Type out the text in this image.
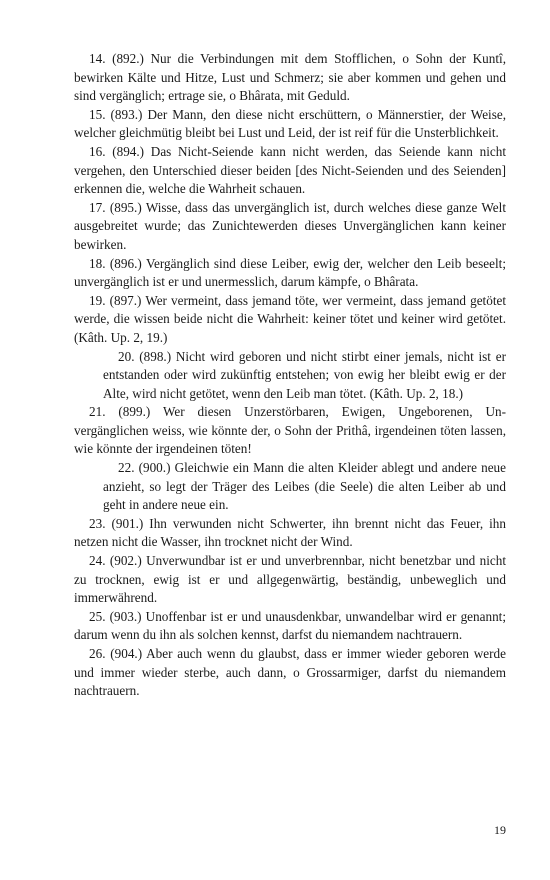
14. (892.) Nur die Verbindungen mit dem Stofflichen, o Sohn der Kuntî, bewirken Kälte und Hitze, Lust und Schmerz; sie aber kommen und gehen und sind vergänglich; ertrage sie, o Bhârata, mit Geduld.

15. (893.) Der Mann, den diese nicht erschüttern, o Männerstier, der Weise, welcher gleichmütig bleibt bei Lust und Leid, der ist reif für die Unsterblichkeit.

16. (894.) Das Nicht-Seiende kann nicht werden, das Seiende kann nicht vergehen, den Unterschied dieser beiden [des Nicht-Seienden und des Seienden] erkennen die, welche die Wahrheit schauen.

17. (895.) Wisse, dass das unvergänglich ist, durch welches diese ganze Welt ausgebreitet wurde; das Zunichtewerden dieses Unvergänglichen kann keiner bewirken.

18. (896.) Vergänglich sind diese Leiber, ewig der, welcher den Leib beseelt; unvergänglich ist er und unermesslich, darum kämpfe, o Bhârata.

19. (897.) Wer vermeint, dass jemand töte, wer vermeint, dass jemand getötet werde, die wissen beide nicht die Wahrheit: keiner tötet und keiner wird getötet. (Kâth. Up. 2, 19.)

20. (898.) Nicht wird geboren und nicht stirbt einer jemals, nicht ist er entstanden oder wird zukünftig entstehen; von ewig her bleibt ewig er der Alte, wird nicht getötet, wenn den Leib man tötet. (Kâth. Up. 2, 18.)

21. (899.) Wer diesen Unzerstörbaren, Ewigen, Ungeborenen, Unvergänglichen weiss, wie könnte der, o Sohn der Prithâ, irgendeinen töten lassen, wie könnte der irgendeinen töten!

22. (900.) Gleichwie ein Mann die alten Kleider ablegt und andere neue anzieht, so legt der Träger des Leibes (die Seele) die alten Leiber ab und geht in andere neue ein.

23. (901.) Ihn verwunden nicht Schwerter, ihn brennt nicht das Feuer, ihn netzen nicht die Wasser, ihn trocknet nicht der Wind.

24. (902.) Unverwundbar ist er und unverbrennbar, nicht benetzbar und nicht zu trocknen, ewig ist er und allgegenwärtig, beständig, unbeweglich und immerwährend.

25. (903.) Unoffenbar ist er und unausdenkbar, unwandelbar wird er genannt; darum wenn du ihn als solchen kennst, darfst du niemandem nachtrauern.

26. (904.) Aber auch wenn du glaubst, dass er immer wieder geboren werde und immer wieder sterbe, auch dann, o Grossarmiger, darfst du niemandem nachtrauern.

19
